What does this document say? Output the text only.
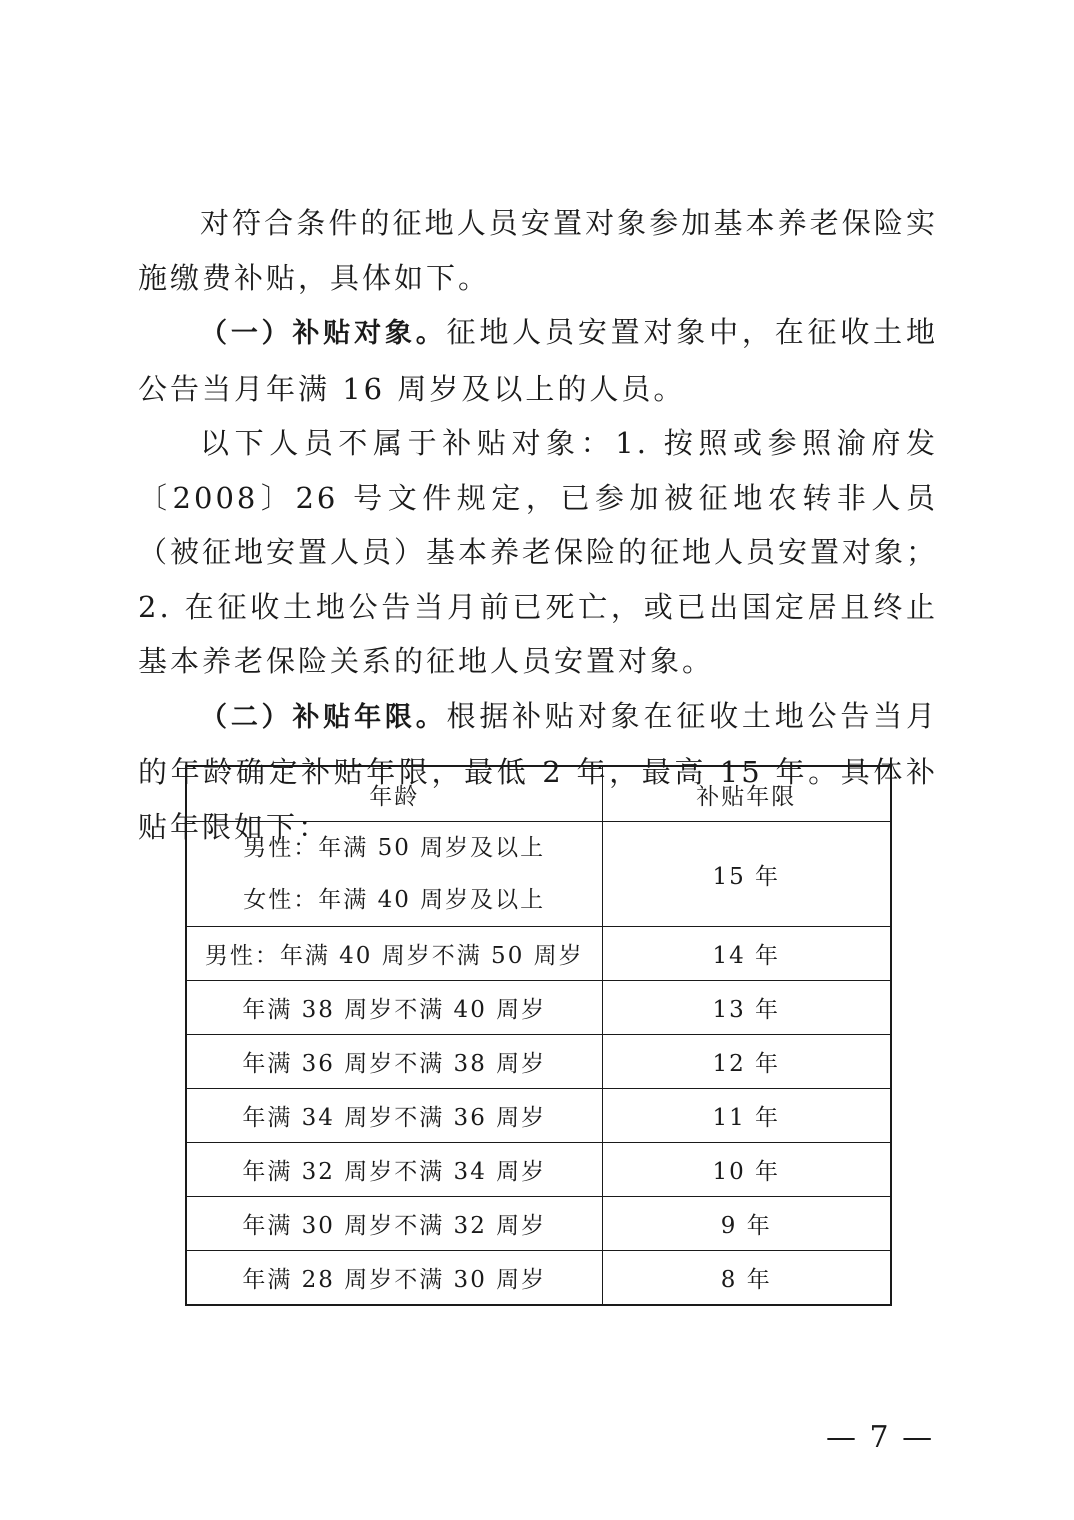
对符合条件的征地人员安置对象参加基本养老保险实施缴费补贴，具体如下。

（一）补贴对象。征地人员安置对象中，在征收土地公告当月年满 16 周岁及以上的人员。

以下人员不属于补贴对象：1. 按照或参照渝府发〔2008〕26 号文件规定，已参加被征地农转非人员（被征地安置人员）基本养老保险的征地人员安置对象；2. 在征收土地公告当月前已死亡，或已出国定居且终止基本养老保险关系的征地人员安置对象。

（二）补贴年限。根据补贴对象在征收土地公告当月的年龄确定补贴年限，最低 2 年，最高 15 年。具体补贴年限如下：

年龄	补贴年限

男性：年满 50 周岁及以上
女性：年满 40 周岁及以上	15 年
男性：年满 40 周岁不满 50 周岁	14 年
年满 38 周岁不满 40 周岁	13 年
年满 36 周岁不满 38 周岁	12 年
年满 34 周岁不满 36 周岁	11 年
年满 32 周岁不满 34 周岁	10 年
年满 30 周岁不满 32 周岁	9 年
年满 28 周岁不满 30 周岁	8 年
— 7 —
